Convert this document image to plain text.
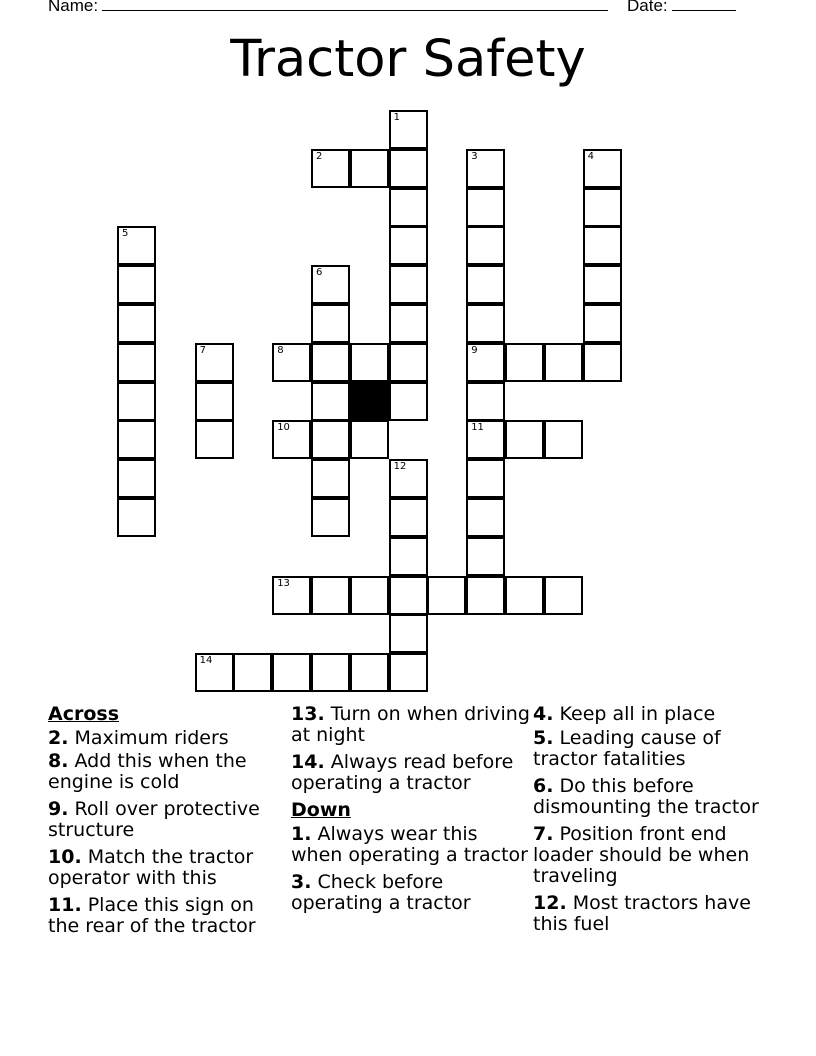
Name:	Date:
Tractor Safety
1
2	3
9
11
4
5
6
7	8
10
12
13
14
Across
2. Maximum riders
8. Add this when the engine is cold
9. Roll over protective structure
10. Match the tractor operator with this
11. Place this sign on the rear of the tractor
13. Turn on when driving at night
14. Always read before operating a tractor
Down
1. Always wear this when operating a tractor
3. Check before operating a tractor
4. Keep all in place
5. Leading cause of tractor fatalities
6. Do this before dismounting the tractor
7. Position front end loader should be when traveling
12. Most tractors have this fuel
